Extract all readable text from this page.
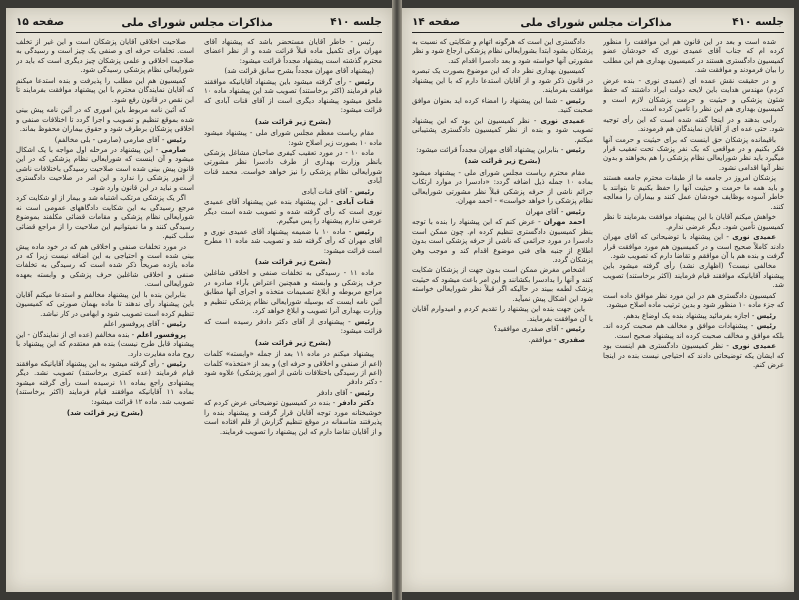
صفحه ۱۵	مذاکرات مجلس شورای ملی	جلسه ۴۱۰

رئیس - خاطر آقایان مستحضر باشد که پیشنهاد آقای مهران برای تکمیل ماده قبلاً قرائت شده و از نظر اعضای محترم گذشته است پیشنهاد مجدداً قرائت میشود:

(پیشنهاد آقای مهران مجدداً بشرح سابق قرائت شد)

رئیس - رأی گرفته میشود باین پیشنهاد آقایانیکه موافقند قیام فرمایند (اکثر برخاستند) تصویب شد این پیشنهاد ماده ۱۰ ملحق میشود پیشنهاد دیگری است از آقای قنات آبادی که قرائت میشود:

(بشرح زیر قرائت شد)

مقام ریاست معظم مجلس شورای ملی - پیشنهاد میشود ماده ۱۰ بصورت زیر اصلاح شود:

ماده ۱۰ - در مورد تعقیب کیفری صاحبان مشاغل پزشکی بانظر وزارت بهداری از طرف دادسرا نظر مشورتی شورایعالی نظام پزشکی را نیز خواهد خواست. محمد قنات آبادی

رئیس - آقای قنات آبادی

قنات آبادی - این پیشنهاد بنده عین پیشنهاد آقای عمیدی نوری است که رأی گرفته شده و تصویب شده است دیگر عرضی ندارم پیشنهاد را پس میگیرم.

رئیس - ماده ۱۰ با ضمیمه پیشنهاد آقای عمیدی نوری و آقای مهران که رأی گرفته شد و تصویب شد ماده ۱۱ مطرح است قرائت میشود:

(بشرح زیر قرائت شد)

ماده ۱۱ - رسیدگی به تخلفات صنفی و اخلاقی شاغلین حرف پزشکی و وابسته و همچنین اعتراض بآراء صادره در مراجع مربوطه و ابلاغ تصمیمات متخذه و اجرای آنها مطابق آئین نامه ایست که بوسیله شورایعالی نظام پزشکی تنظیم و وزارت بهداری آنرا تصویب و ابلاغ خواهد کرد.

رئیس - پیشنهادی از آقای دکتر دادفر رسیده است که قرائت میشود:

(بشرح زیر قرائت شد)

پیشنهاد میکنم در ماده ۱۱ بعد از جمله «وابسته» کلمات (اعم از صنفی و اخلاقی و حرفه ای) و بعد از «متخذه» کلمات (اعم از رسیدگی باختلافات ناشی از امور پزشکی) علاوه شود - دکتر دادفر

رئیس - آقای دادفر

دکتر دادفر - بنده در کمیسیون توضیحاتی عرض کردم که خوشبختانه مورد توجه آقایان قرار گرفت و پیشنهاد بنده را پذیرفتند متاسفانه در موقع تنظیم گزارش از قلم افتاده است و از آقایان تقاضا دارم که این پیشنهاد را تصویب فرمایند.

صلاحیت اخلاقی آقایان پزشکان است و این غیر از تخلف است. تخلفات حرفه ای و صنفی یک چیز است و رسیدگی به صلاحیت اخلاقی و علمی پزشکان چیز دیگری است که باید در شورایعالی نظام پزشکی رسیدگی شود.

کمیسیون هم این مطلب را پذیرفت و بنده استدعا میکنم که آقایان نمایندگان محترم با این پیشنهاد موافقت بفرمایند تا این نقص در قانون رفع شود.

که آئین نامه مربوط باین اموری که در آئین نامه پیش بینی شده بموقع تنظیم و تصویب و اجرا گردد تا اختلافات صنفی و اخلاقی پزشکان برطرف شود و حقوق بیماران محفوظ بماند.

رئیس - آقای صارمی (صارمی - بلی مخالفم)

صارمی - این پیشنهاد در مرحله اول مواجه با یک اشکال میشود و آن اینست که شورایعالی نظام پزشکی که در این قانون پیش بینی شده است صلاحیت رسیدگی باختلافات ناشی از امور پزشکی را ندارد و این امر در صلاحیت دادگستری است و نباید در این قانون وارد شود.

اگر یک پزشکی مرتکب اشتباه شد و بیمار از او شکایت کرد مرجع رسیدگی به این شکایت دادگاههای عمومی است نه شورایعالی نظام پزشکی و مقامات قضائی مکلفند بموضوع رسیدگی کنند و ما نمیتوانیم این صلاحیت را از مراجع قضائی سلب کنیم.

در مورد تخلفات صنفی و اخلاقی هم که در خود ماده پیش بینی شده است و احتیاجی به این اضافه نیست زیرا که در ماده یازده صریحاً ذکر شده است که رسیدگی به تخلفات صنفی و اخلاقی شاغلین حرف پزشکی و وابسته بعهده شورایعالی است.

بنابراین بنده با این پیشنهاد مخالفم و استدعا میکنم آقایان باین پیشنهاد رأی ندهند تا ماده بهمان صورتی که کمیسیون تنظیم کرده است تصویب شود و ابهامی در کار نباشد.

رئیس - آقای پروفسور اعلم

پروفسور اعلم - بنده مخالفم (عده ای از نمایندگان - این پیشنهاد قابل طرح نیست) بنده هم معتقدم که این پیشنهاد با روح ماده مغایرت دارد.

رئیس - رأی گرفته میشود به این پیشنهاد آقایانیکه موافقند قیام فرمایند (عده کمتری برخاستند) تصویب نشد. دیگر پیشنهادی راجع بماده ۱۱ نرسیده است رأی گرفته میشود بماده ۱۱ آقایانیکه موافقند قیام فرمایند (اکثر برخاستند) تصویب شد. ماده ۱۲ قرائت میشود:

(بشرح زیر قرائت شد)

صفحه ۱۴	مذاکرات مجلس شورای ملی	جلسه ۴۱۰

شده است و بعد در این قانون هم این موافقت را منظور کرده ام که جناب آقای عمیدی نوری که خودشان عضو کمیسیون دادگستری هستند در کمیسیون بهداری هم این مطلب را بیان فرمودند و موافقت شد.

و در حقیقت نقش عمده ای (عمیدی نوری - بنده عرض کردم) مهندس هدایت باین لایحه دولت ایراد داشتند که حفظ شئون پزشکی و حیثیت و حرمت پزشکان لازم است و کمیسیون بهداری هم این نظر را تأمین کرده است.

رأیی بدهند و در اینجا گفته شده است که این رأی توجیه شود. حتی عده ای از آقایان نمایندگان هم فرمودند.

باقیمانده پزشکان حق اینست که برای حیثیت و حرمت آنها فکر بکنیم و در مواقعی که یک نفر پزشک تحت تعقیب قرار میگیرد باید نظر شورایعالی نظام پزشکی را هم بخواهند و بدون نظر آنها اقدامی نشود.

پزشکان امروز در جامعه ما از طبقات محترم جامعه هستند و باید همه ما حرمت و حیثیت آنها را حفظ بکنیم تا بتوانند با خاطر آسوده بوظایف خودشان عمل کنند و بیماران را معالجه کنند.

خواهش میکنم آقایان با این پیشنهاد موافقت بفرمایند تا نظر کمیسیون تأمین شود. دیگر عرضی ندارم.

عمیدی نوری - این پیشنهاد با توضیحاتی که آقای مهران دادند کاملاً صحیح است و در کمیسیون هم مورد موافقت قرار گرفت و بنده هم با آن موافقم و تقاضا دارم که تصویب شود.

مخالفی نیست؟ (اظهاری نشد) رأی گرفته میشود باین پیشنهاد آقایانیکه موافقند قیام فرمایند (اکثر برخاستند) تصویب شد.

کمیسیون دادگستری هم در این مورد نظر موافق داده است که جزء ماده ۱۰ منظور شود و بدین ترتیب ماده اصلاح میشود.

رئیس - اجازه بفرمائید پیشنهاد بنده یک اوضاع بدهم.

رئیس - پیشنهادات موافق و مخالف هم صحبت کرده اند. بلکه موافق و مخالف صحبت کرده اند پیشنهاد صحیح است.

عمیدی نوری - نظر کمیسیون دادگستری هم اینست بود که ایشان یکه توضیحاتی دادند که احتیاجی نیست بنده در اینجا عرض کنم.

دادگستری این است که هرگونه اتهام و شکایتی که نسبت به پزشکان بشود ابتدا بشورایعالی نظام پزشکی ارجاع شود و نظر مشورتی آنها خواسته شود و بعد دادسرا اقدام کند.

کمیسیون بهداری نظر داد که این موضوع بصورت یک تبصره در قانون ذکر شود و از آقایان استدعا دارم که با این پیشنهاد موافقت بفرمایند.

رئیس - شما این پیشنهاد را امضاء کرده اید بعنوان موافق صحبت کنید.

عمیدی نوری - نظر کمیسیون این بود که این پیشنهاد تصویب شود و بنده از نظر کمیسیون دادگستری پشتیبانی میکنم.

رئیس - بنابراین پیشنهاد آقای مهران مجدداً قرائت میشود:

(بشرح زیر قرائت شد)

مقام محترم ریاست مجلس شورای ملی - پیشنهاد میشود بماده ۱۰ جمله ذیل اضافه گردد: «دادسرا در موارد ارتکاب جرائم ناشی از حرفه پزشکی قبلاً نظر مشورتی شورایعالی نظام پزشکی را خواهد خواست» - احمد مهران.

رئیس - آقای مهران

احمد مهران - عرض کنم که این پیشنهاد را بنده با توجه بنظر کمیسیون دادگستری تنظیم کرده ام. چون ممکن است دادسرا در مورد جرائمی که ناشی از حرفه پزشکی است بدون اطلاع از جنبه های فنی موضوع اقدام کند و موجب وهن پزشکان گردد.

اشخاص مغرض ممکن است بدون جهت از پزشکان شکایت کنند و آنها را بدادسرا بکشانند و این امر باعث میشود که حیثیت پزشک لطمه ببیند در حالیکه اگر قبلاً نظر شورایعالی خواسته شود این اشکال پیش نمیآید.

باین جهت بنده این پیشنهاد را تقدیم کردم و امیدوارم آقایان با آن موافقت بفرمایند.

رئیس - آقای صفدری موافقید؟

صفدری - موافقم.
